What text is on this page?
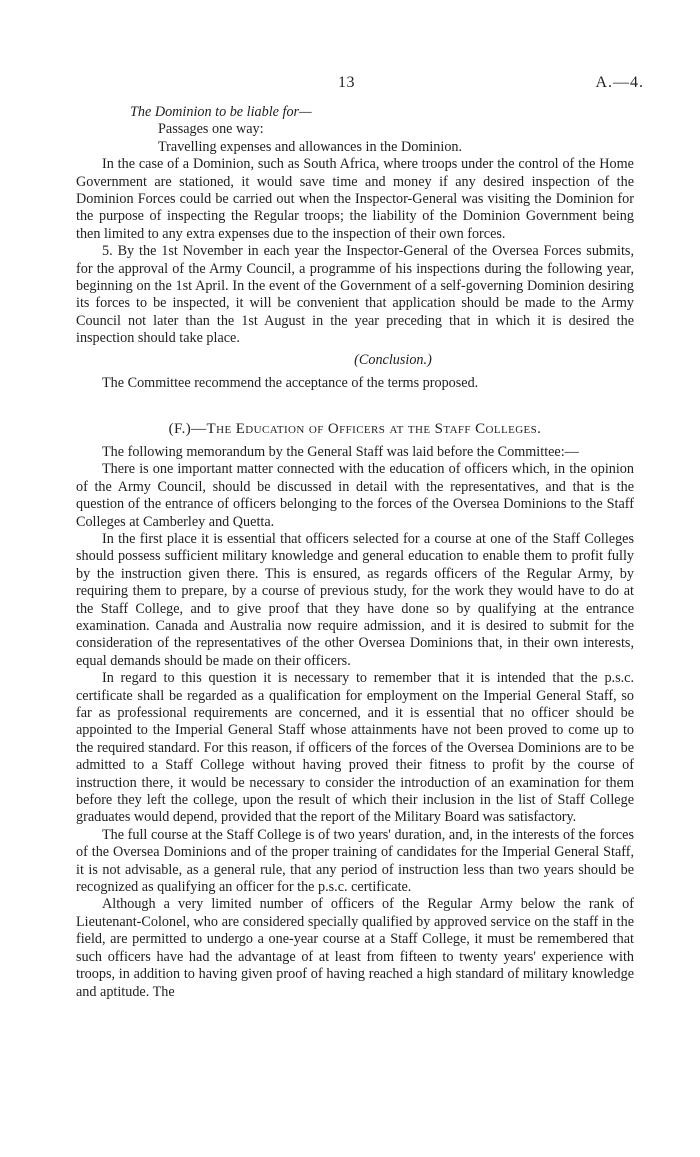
13	A.—4.

The Dominion to be liable for—

Passages one way:

Travelling expenses and allowances in the Dominion.

In the case of a Dominion, such as South Africa, where troops under the control of the Home Government are stationed, it would save time and money if any desired inspection of the Dominion Forces could be carried out when the Inspector-General was visiting the Dominion for the purpose of inspecting the Regular troops; the liability of the Dominion Government being then limited to any extra expenses due to the inspection of their own forces.

5. By the 1st November in each year the Inspector-General of the Oversea Forces submits, for the approval of the Army Council, a programme of his inspections during the following year, beginning on the 1st April. In the event of the Government of a self-governing Dominion desiring its forces to be inspected, it will be convenient that application should be made to the Army Council not later than the 1st August in the year preceding that in which it is desired the inspection should take place.

(Conclusion.)

The Committee recommend the acceptance of the terms proposed.

(F.)—The Education of Officers at the Staff Colleges.

The following memorandum by the General Staff was laid before the Committee:—

There is one important matter connected with the education of officers which, in the opinion of the Army Council, should be discussed in detail with the representatives, and that is the question of the entrance of officers belonging to the forces of the Oversea Dominions to the Staff Colleges at Camberley and Quetta.

In the first place it is essential that officers selected for a course at one of the Staff Colleges should possess sufficient military knowledge and general education to enable them to profit fully by the instruction given there. This is ensured, as regards officers of the Regular Army, by requiring them to prepare, by a course of previous study, for the work they would have to do at the Staff College, and to give proof that they have done so by qualifying at the entrance examination. Canada and Australia now require admission, and it is desired to submit for the consideration of the representatives of the other Oversea Dominions that, in their own interests, equal demands should be made on their officers.

In regard to this question it is necessary to remember that it is intended that the p.s.c. certificate shall be regarded as a qualification for employment on the Imperial General Staff, so far as professional requirements are concerned, and it is essential that no officer should be appointed to the Imperial General Staff whose attainments have not been proved to come up to the required standard. For this reason, if officers of the forces of the Oversea Dominions are to be admitted to a Staff College without having proved their fitness to profit by the course of instruction there, it would be necessary to consider the introduction of an examination for them before they left the college, upon the result of which their inclusion in the list of Staff College graduates would depend, provided that the report of the Military Board was satisfactory.

The full course at the Staff College is of two years' duration, and, in the interests of the forces of the Oversea Dominions and of the proper training of candidates for the Imperial General Staff, it is not advisable, as a general rule, that any period of instruction less than two years should be recognized as qualifying an officer for the p.s.c. certificate.

Although a very limited number of officers of the Regular Army below the rank of Lieutenant-Colonel, who are considered specially qualified by approved service on the staff in the field, are permitted to undergo a one-year course at a Staff College, it must be remembered that such officers have had the advantage of at least from fifteen to twenty years' experience with troops, in addition to having given proof of having reached a high standard of military knowledge and aptitude. The
